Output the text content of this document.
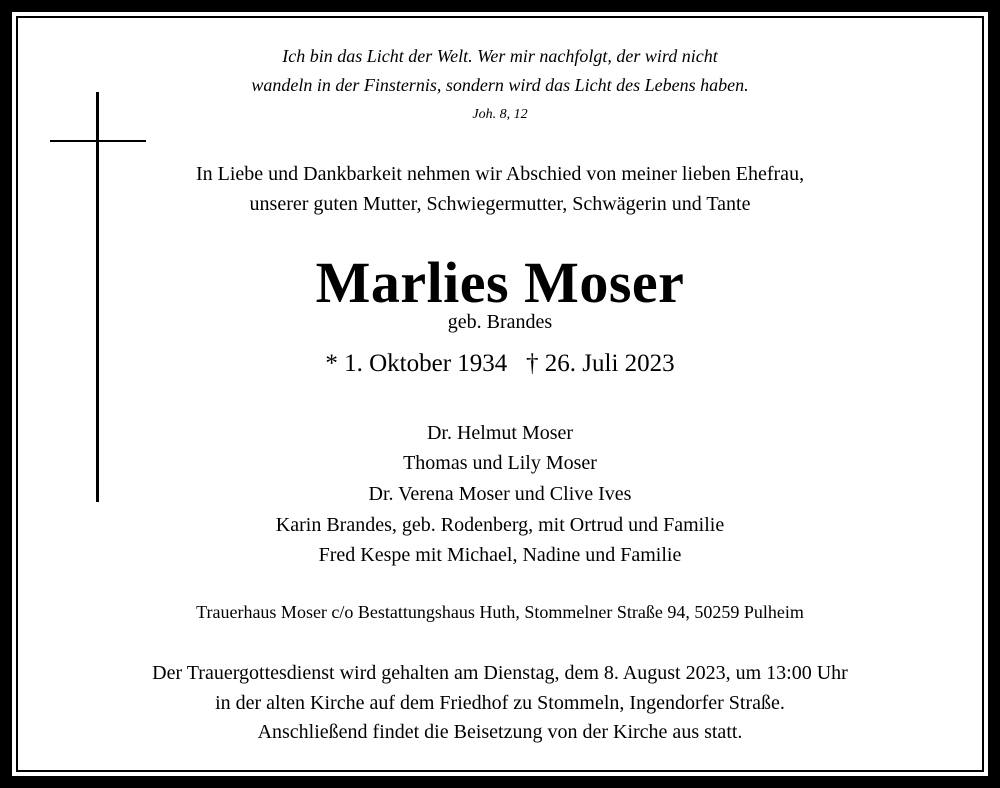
Ich bin das Licht der Welt. Wer mir nachfolgt, der wird nicht
wandeln in der Finsternis, sondern wird das Licht des Lebens haben.
Joh. 8, 12
In Liebe und Dankbarkeit nehmen wir Abschied von meiner lieben Ehefrau,
unserer guten Mutter, Schwiegermutter, Schwägerin und Tante
Marlies Moser
geb. Brandes
* 1. Oktober 1934   † 26. Juli 2023
Dr. Helmut Moser
Thomas und Lily Moser
Dr. Verena Moser und Clive Ives
Karin Brandes, geb. Rodenberg, mit Ortrud und Familie
Fred Kespe mit Michael, Nadine und Familie
Trauerhaus Moser c/o Bestattungshaus Huth, Stommelner Straße 94, 50259 Pulheim
Der Trauergottesdienst wird gehalten am Dienstag, dem 8. August 2023, um 13:00 Uhr
in der alten Kirche auf dem Friedhof zu Stommeln, Ingendorfer Straße.
Anschließend findet die Beisetzung von der Kirche aus statt.
